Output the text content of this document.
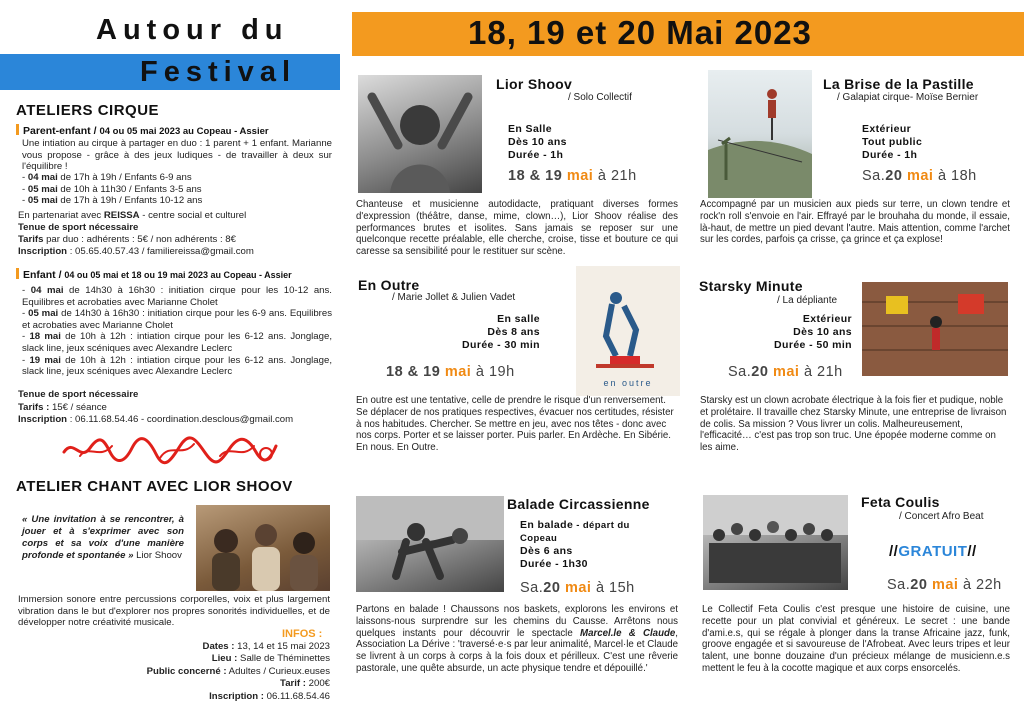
Autour du
Festival
18, 19 et 20 Mai 2023
ATELIERS CIRQUE
Parent-enfant / 04 ou 05 mai 2023 au Copeau - Assier
Une intiation au cirque à partager en duo : 1 parent + 1 enfant. Marianne vous propose - grâce à des jeux ludiques - de travailler à deux sur l'équilibre !
- 04 mai de 17h à 19h / Enfants 6-9 ans
- 05 mai de 10h à 11h30 / Enfants 3-5 ans
- 05 mai de 17h à 19h / Enfants 10-12 ans
En partenariat avec REISSA - centre social et culturel
Tenue de sport nécessaire
Tarifs par duo : adhérents : 5€ / non adhérents : 8€
Inscription : 05.65.40.57.43 / familiereissa@gmail.com
Enfant / 04 ou 05 mai et 18 ou 19 mai 2023 au Copeau - Assier
- 04 mai de 14h30 à 16h30 : initiation cirque pour les 10-12 ans. Equilibres et acrobaties avec Marianne Cholet
- 05 mai de 14h30 à 16h30 : initiation cirque pour les 6-9 ans. Equilibres et acrobaties avec Marianne Cholet
- 18 mai de 10h à 12h : intiation cirque pour les 6-12 ans. Jonglage, slack line, jeux scéniques avec Alexandre Leclerc
- 19 mai de 10h à 12h : intiation cirque pour les 6-12 ans. Jonglage, slack line, jeux scéniques avec Alexandre Leclerc
Tenue de sport nécessaire
Tarifs : 15€ / séance
Inscription : 06.11.68.54.46 - coordination.desclous@gmail.com
ATELIER CHANT AVEC LIOR SHOOV
« Une invitation à se rencontrer, à jouer et à s'exprimer avec son corps et sa voix d'une manière profonde et spontanée » Lior Shoov
Immersion sonore entre percussions corporelles, voix et plus largement vibration dans le but d'explorer nos propres sonorités individuelles, et de développer notre créativité musicale.
INFOS :
Dates : 13, 14 et 15 mai 2023
Lieu : Salle de Théminettes
Public concerné : Adultes / Curieux.euses
Tarif : 200€
Inscription : 06.11.68.54.46
Lior Shoov
/ Solo Collectif
En Salle
Dès 10 ans
Durée - 1h
18 & 19 mai à 21h
Chanteuse et musicienne autodidacte, pratiquant diverses formes d'expression (théâtre, danse, mime, clown…), Lior Shoov réalise des performances brutes et isolites. Sans jamais se reposer sur une quelconque recette préalable, elle cherche, croise, tisse et bouture ce qui caresse sa sensibilité pour le restituer sur scène.
En Outre
/ Marie Jollet & Julien Vadet
En salle
Dès 8 ans
Durée - 30 min
18 & 19 mai à 19h
en outre
En outre est une tentative, celle de prendre le risque d'un renversement. Se déplacer de nos pratiques respectives, évacuer nos certitudes, résister à nos habitudes. Chercher. Se mettre en jeu, avec nos têtes - donc avec nos corps. Porter et se laisser porter. Puis parler. En Ardèche. En Sibérie. En nous. En Outre.
Balade Circassienne
En balade - départ du Copeau
Dès 6 ans
Durée - 1h30
Sa.20 mai à 15h
Partons en balade ! Chaussons nos baskets, explorons les environs et laissons-nous surprendre sur les chemins du Causse. Arrêtons nous quelques instants pour découvrir le spectacle Marcel.le & Claude, Association La Dérive : 'traversé·e·s par leur animalité, Marcel·le et Claude se livrent à un corps à corps à la fois doux et périlleux. C'est une rêverie pastorale, une quête absurde, un acte physique tendre et dépouillé.'
La Brise de la Pastille
/ Galapiat cirque- Moïse Bernier
Extérieur
Tout public
Durée - 1h
Sa.20 mai à 18h
Accompagné par un musicien aux pieds sur terre, un clown tendre et rock'n roll s'envoie en l'air. Effrayé par le brouhaha du monde, il essaie, là-haut, de mettre un pied devant l'autre. Mais attention, comme l'archet sur les cordes, parfois ça crisse, ça grince et ça explose!
Starsky Minute
/ La dépliante
Extérieur
Dès 10 ans
Durée - 50 min
Sa.20 mai à 21h
Starsky est un clown acrobate électrique à la fois fier et pudique, noble et prolétaire. Il travaille chez Starsky Minute, une entreprise de livraison de colis. Sa mission ? Vous livrer un colis. Malheureusement, l'efficacité… c'est pas trop son truc. Une épopée moderne comme on les aime.
Feta Coulis
/ Concert Afro Beat
//GRATUIT//
Sa.20 mai à 22h
Le Collectif Feta Coulis c'est presque une histoire de cuisine, une recette pour un plat convivial et généreux. Le secret : une bande d'ami.e.s, qui se régale à plonger dans la transe Africaine jazz, funk, groove engagée et si savoureuse de l'Afrobeat. Avec leurs tripes et leur talent, une bonne douzaine d'un précieux mélange de musicienn.e.s mettent le feu à la cocotte magique et aux corps ensorcelés.
